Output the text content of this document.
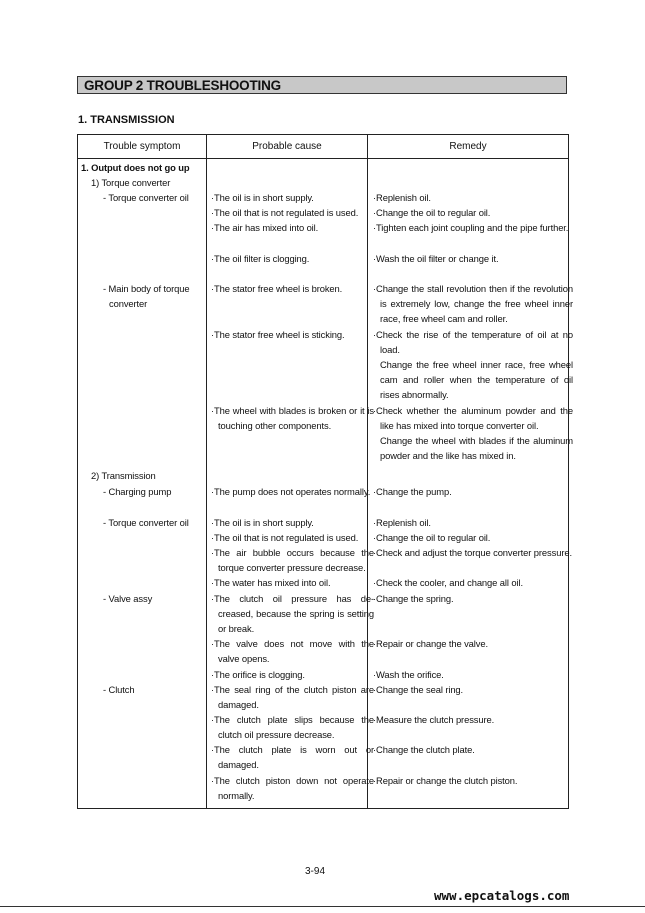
GROUP 2 TROUBLESHOOTING
1. TRANSMISSION
Trouble symptom	Probable cause	Remedy
1. Output does not go up
1) Torque converter
- Torque converter oil
- Main body of torque
converter
2) Transmission
- Charging pump
- Torque converter oil
- Valve assy
- Clutch
· The oil is in short supply.
· The oil that is not regulated is used.
· The air has mixed into oil.
· The oil filter is clogging.
· The stator free wheel is broken.
· The stator free wheel is sticking.
· The wheel with blades is broken or it is touching other components.
· The pump does not operates normally.
· The oil is in short supply.
· The oil that is not regulated is used.
· The air bubble occurs because the torque converter pressure decrease.
· The water has mixed into oil.
· The clutch oil pressure has de-creased, because the spring is setting or break.
· The valve does not move with the valve opens.
· The orifice is clogging.
· The seal ring of the clutch piston are damaged.
· The clutch plate slips because the clutch oil pressure decrease.
· The clutch plate is worn out or damaged.
· The clutch piston down not operate normally.
· Replenish oil.
· Change the oil to regular oil.
· Tighten each joint coupling and the pipe further.
· Wash the oil filter or change it.
· Change the stall revolution then if the revolution is extremely low, change the free wheel inner race, free wheel cam and roller.
· Check the rise of the temperature of oil at no load.
Change the free wheel inner race, free wheel cam and roller when the temperature of oil rises abnormally.
· Check whether the aluminum powder and the like has mixed into torque converter oil.
Change the wheel with blades if the aluminum powder and the like has mixed in.
· Change the pump.
· Replenish oil.
· Change the oil to regular oil.
· Check and adjust the torque converter pressure.
· Check the cooler, and change all oil.
· Change the spring.
· Repair or change the valve.
· Wash the orifice.
· Change the seal ring.
· Measure the clutch pressure.
· Change the clutch plate.
· Repair or change the clutch piston.
3-94
www.epcatalogs.com
